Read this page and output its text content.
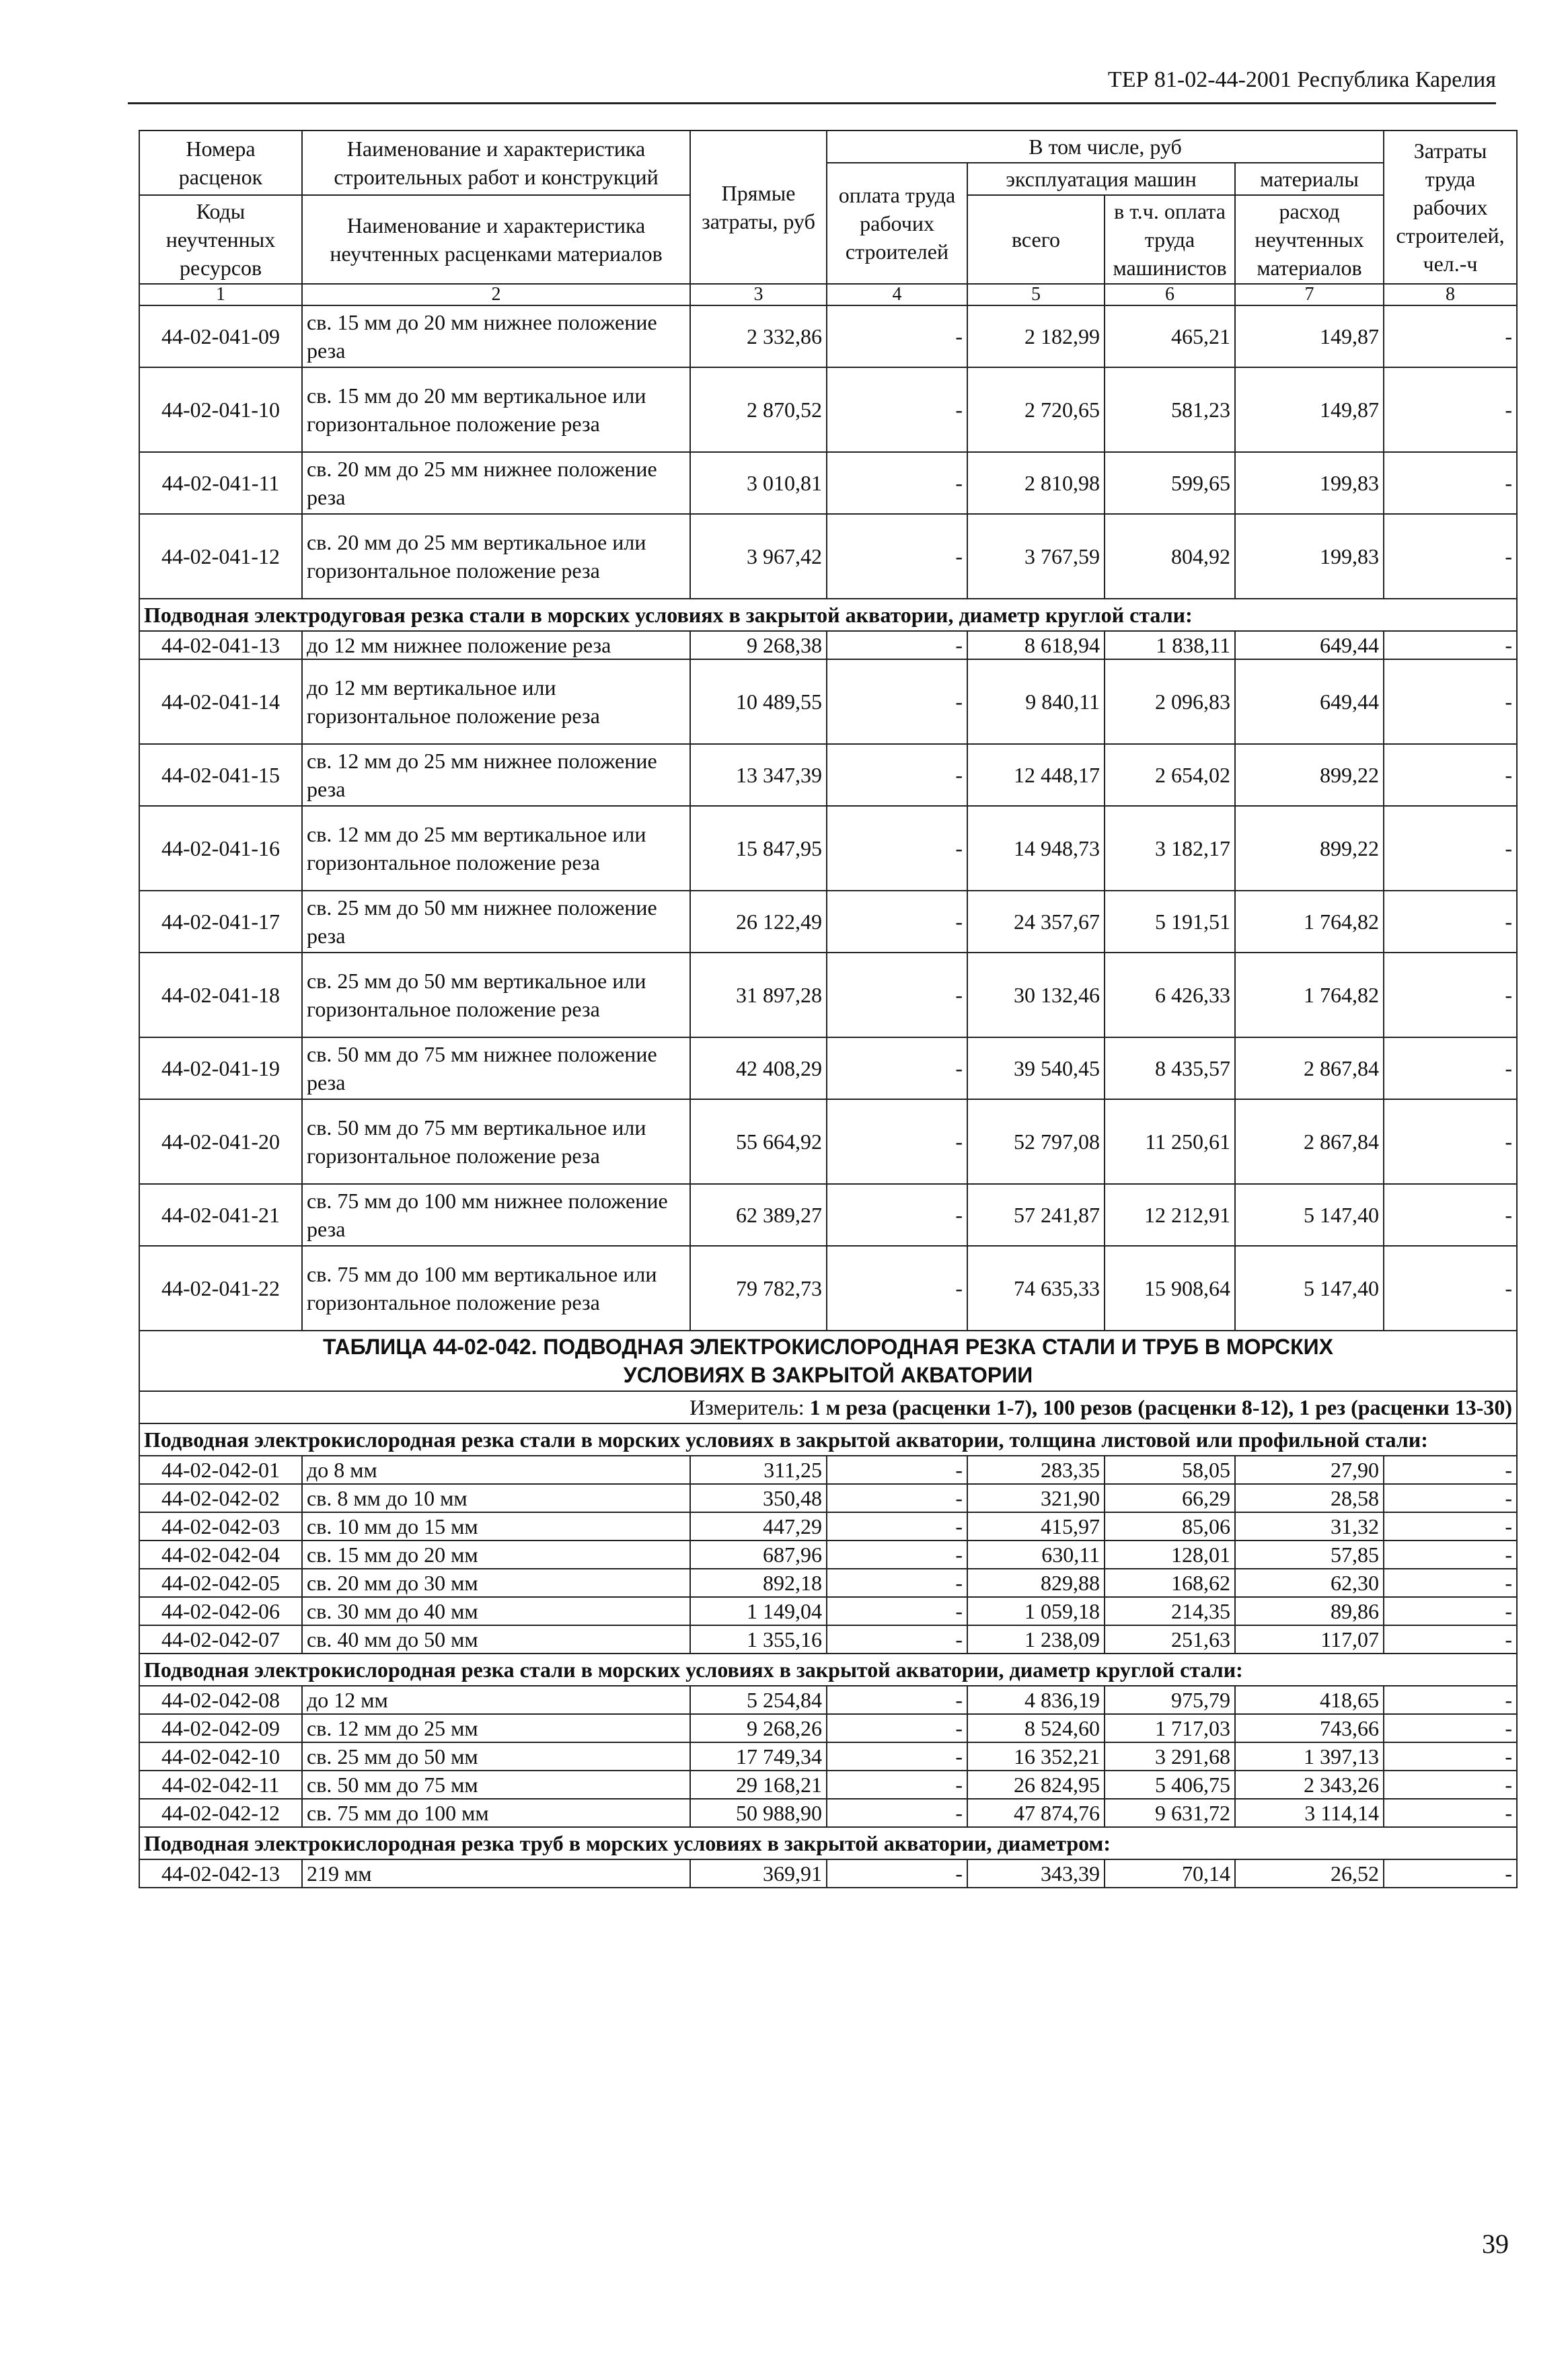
ТЕР 81-02-44-2001 Республика Карелия
Номера расценок	Наименование и характеристика строительных работ и конструкций	Прямые затраты, руб	В том числе, руб				Затраты труда рабочих строителей, чел.-ч
			оплата труда рабочих строителей	эксплуатация машин		материалы	
Коды неучтенных ресурсов	Наименование и характеристика неучтенных расценками материалов			всего	в т.ч. оплата труда машинистов	расход неучтенных материалов	

1	2	3	4	5	6	7	8
44-02-041-09	св. 15 мм до 20 мм нижнее положение реза	2 332,86	-	2 182,99	465,21	149,87	-
44-02-041-10	св. 15 мм до 20 мм вертикальное или горизонтальное положение реза	2 870,52	-	2 720,65	581,23	149,87	-
44-02-041-11	св. 20 мм до 25 мм нижнее положение реза	3 010,81	-	2 810,98	599,65	199,83	-
44-02-041-12	св. 20 мм до 25 мм вертикальное или горизонтальное положение реза	3 967,42	-	3 767,59	804,92	199,83	-
Подводная электродуговая резка стали в морских условиях в закрытой акватории, диаметр круглой стали:							
44-02-041-13	до 12 мм нижнее положение реза	9 268,38	-	8 618,94	1 838,11	649,44	-
44-02-041-14	до 12 мм вертикальное или горизонтальное положение реза	10 489,55	-	9 840,11	2 096,83	649,44	-
44-02-041-15	св. 12 мм до 25 мм нижнее положение реза	13 347,39	-	12 448,17	2 654,02	899,22	-
44-02-041-16	св. 12 мм до 25 мм вертикальное или горизонтальное положение реза	15 847,95	-	14 948,73	3 182,17	899,22	-
44-02-041-17	св. 25 мм до 50 мм нижнее положение реза	26 122,49	-	24 357,67	5 191,51	1 764,82	-
44-02-041-18	св. 25 мм до 50 мм вертикальное или горизонтальное положение реза	31 897,28	-	30 132,46	6 426,33	1 764,82	-
44-02-041-19	св. 50 мм до 75 мм нижнее положение реза	42 408,29	-	39 540,45	8 435,57	2 867,84	-
44-02-041-20	св. 50 мм до 75 мм вертикальное или горизонтальное положение реза	55 664,92	-	52 797,08	11 250,61	2 867,84	-
44-02-041-21	св. 75 мм до 100 мм нижнее положение реза	62 389,27	-	57 241,87	12 212,91	5 147,40	-
44-02-041-22	св. 75 мм до 100 мм вертикальное или горизонтальное положение реза	79 782,73	-	74 635,33	15 908,64	5 147,40	-

ТАБЛИЦА 44-02-042. ПОДВОДНАЯ ЭЛЕКТРОКИСЛОРОДНАЯ РЕЗКА СТАЛИ И ТРУБ В МОРСКИХ
УСЛОВИЯХ В ЗАКРЫТОЙ АКВАТОРИИ							

Измеритель: 1 м реза (расценки 1-7), 100 резов (расценки 8-12), 1 рез (расценки 13-30)							
Подводная электрокислородная резка стали в морских условиях в закрытой акватории, толщина листовой или профильной стали:							
44-02-042-01	до 8 мм	311,25	-	283,35	58,05	27,90	-
44-02-042-02	св. 8 мм до 10 мм	350,48	-	321,90	66,29	28,58	-
44-02-042-03	св. 10 мм до 15 мм	447,29	-	415,97	85,06	31,32	-
44-02-042-04	св. 15 мм до 20 мм	687,96	-	630,11	128,01	57,85	-
44-02-042-05	св. 20 мм до 30 мм	892,18	-	829,88	168,62	62,30	-
44-02-042-06	св. 30 мм до 40 мм	1 149,04	-	1 059,18	214,35	89,86	-
44-02-042-07	св. 40 мм до 50 мм	1 355,16	-	1 238,09	251,63	117,07	-
Подводная электрокислородная резка стали в морских условиях в закрытой акватории, диаметр круглой стали:							
44-02-042-08	до 12 мм	5 254,84	-	4 836,19	975,79	418,65	-
44-02-042-09	св. 12 мм до 25 мм	9 268,26	-	8 524,60	1 717,03	743,66	-
44-02-042-10	св. 25 мм до 50 мм	17 749,34	-	16 352,21	3 291,68	1 397,13	-
44-02-042-11	св. 50 мм до 75 мм	29 168,21	-	26 824,95	5 406,75	2 343,26	-
44-02-042-12	св. 75 мм до 100 мм	50 988,90	-	47 874,76	9 631,72	3 114,14	-
Подводная электрокислородная резка труб в морских условиях в закрытой акватории, диаметром:							
44-02-042-13	219 мм	369,91	-	343,39	70,14	26,52	-
39
